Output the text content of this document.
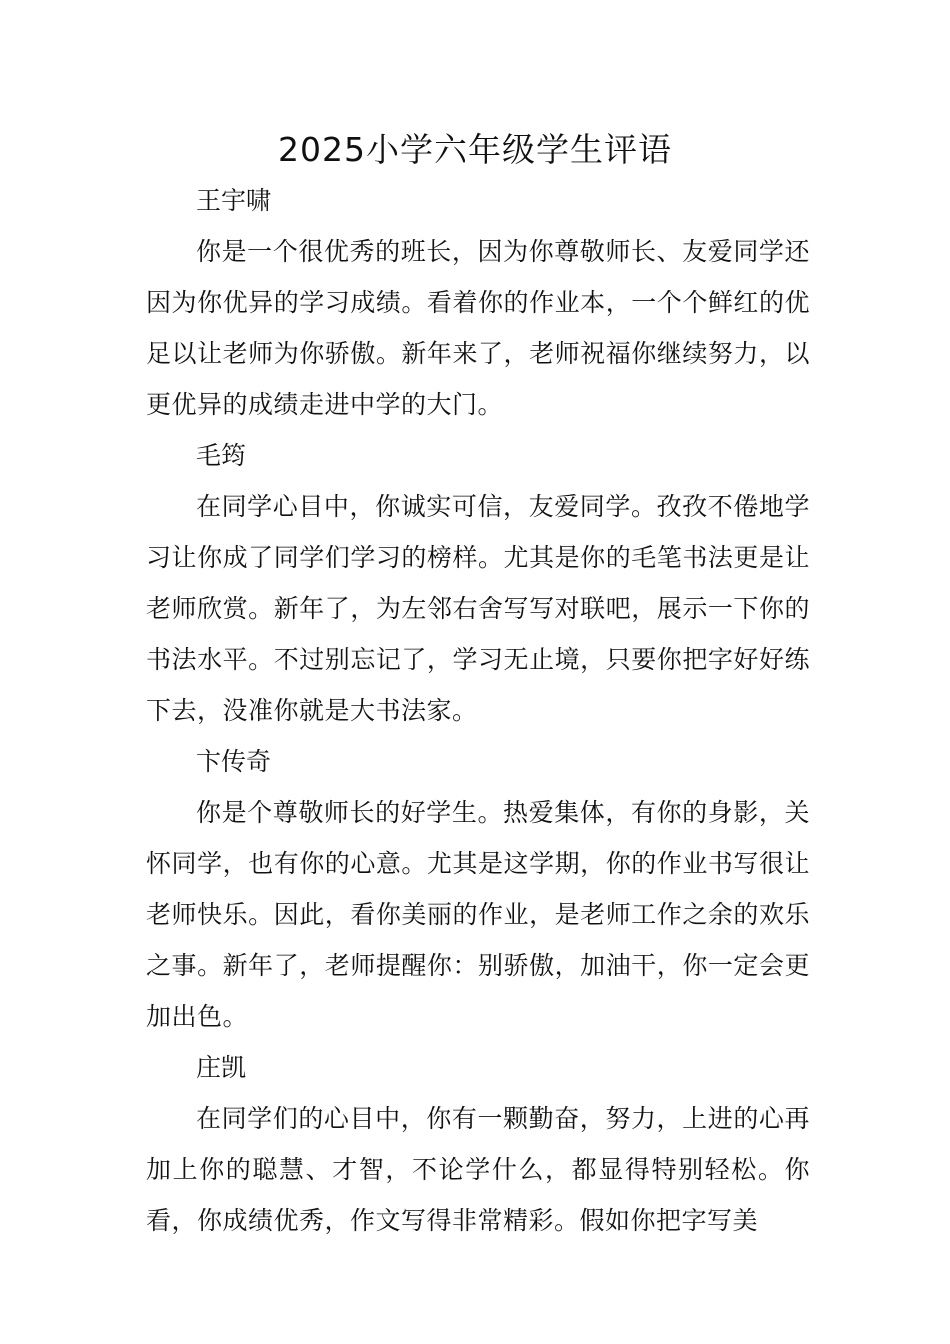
2025小学六年级学生评语

王宇啸

你是一个很优秀的班长，因为你尊敬师长、友爱同学还因为你优异的学习成绩。看着你的作业本，一个个鲜红的优足以让老师为你骄傲。新年来了，老师祝福你继续努力，以更优异的成绩走进中学的大门。

毛筠

在同学心目中，你诚实可信，友爱同学。孜孜不倦地学习让你成了同学们学习的榜样。尤其是你的毛笔书法更是让老师欣赏。新年了，为左邻右舍写写对联吧，展示一下你的书法水平。不过别忘记了，学习无止境，只要你把字好好练下去，没准你就是大书法家。

卞传奇

你是个尊敬师长的好学生。热爱集体，有你的身影，关怀同学，也有你的心意。尤其是这学期，你的作业书写很让老师快乐。因此，看你美丽的作业，是老师工作之余的欢乐之事。新年了，老师提醒你：别骄傲，加油干，你一定会更加出色。

庄凯

在同学们的心目中，你有一颗勤奋，努力，上进的心再加上你的聪慧、才智，不论学什么，都显得特别轻松。你看，你成绩优秀，作文写得非常精彩。假如你把字写美
